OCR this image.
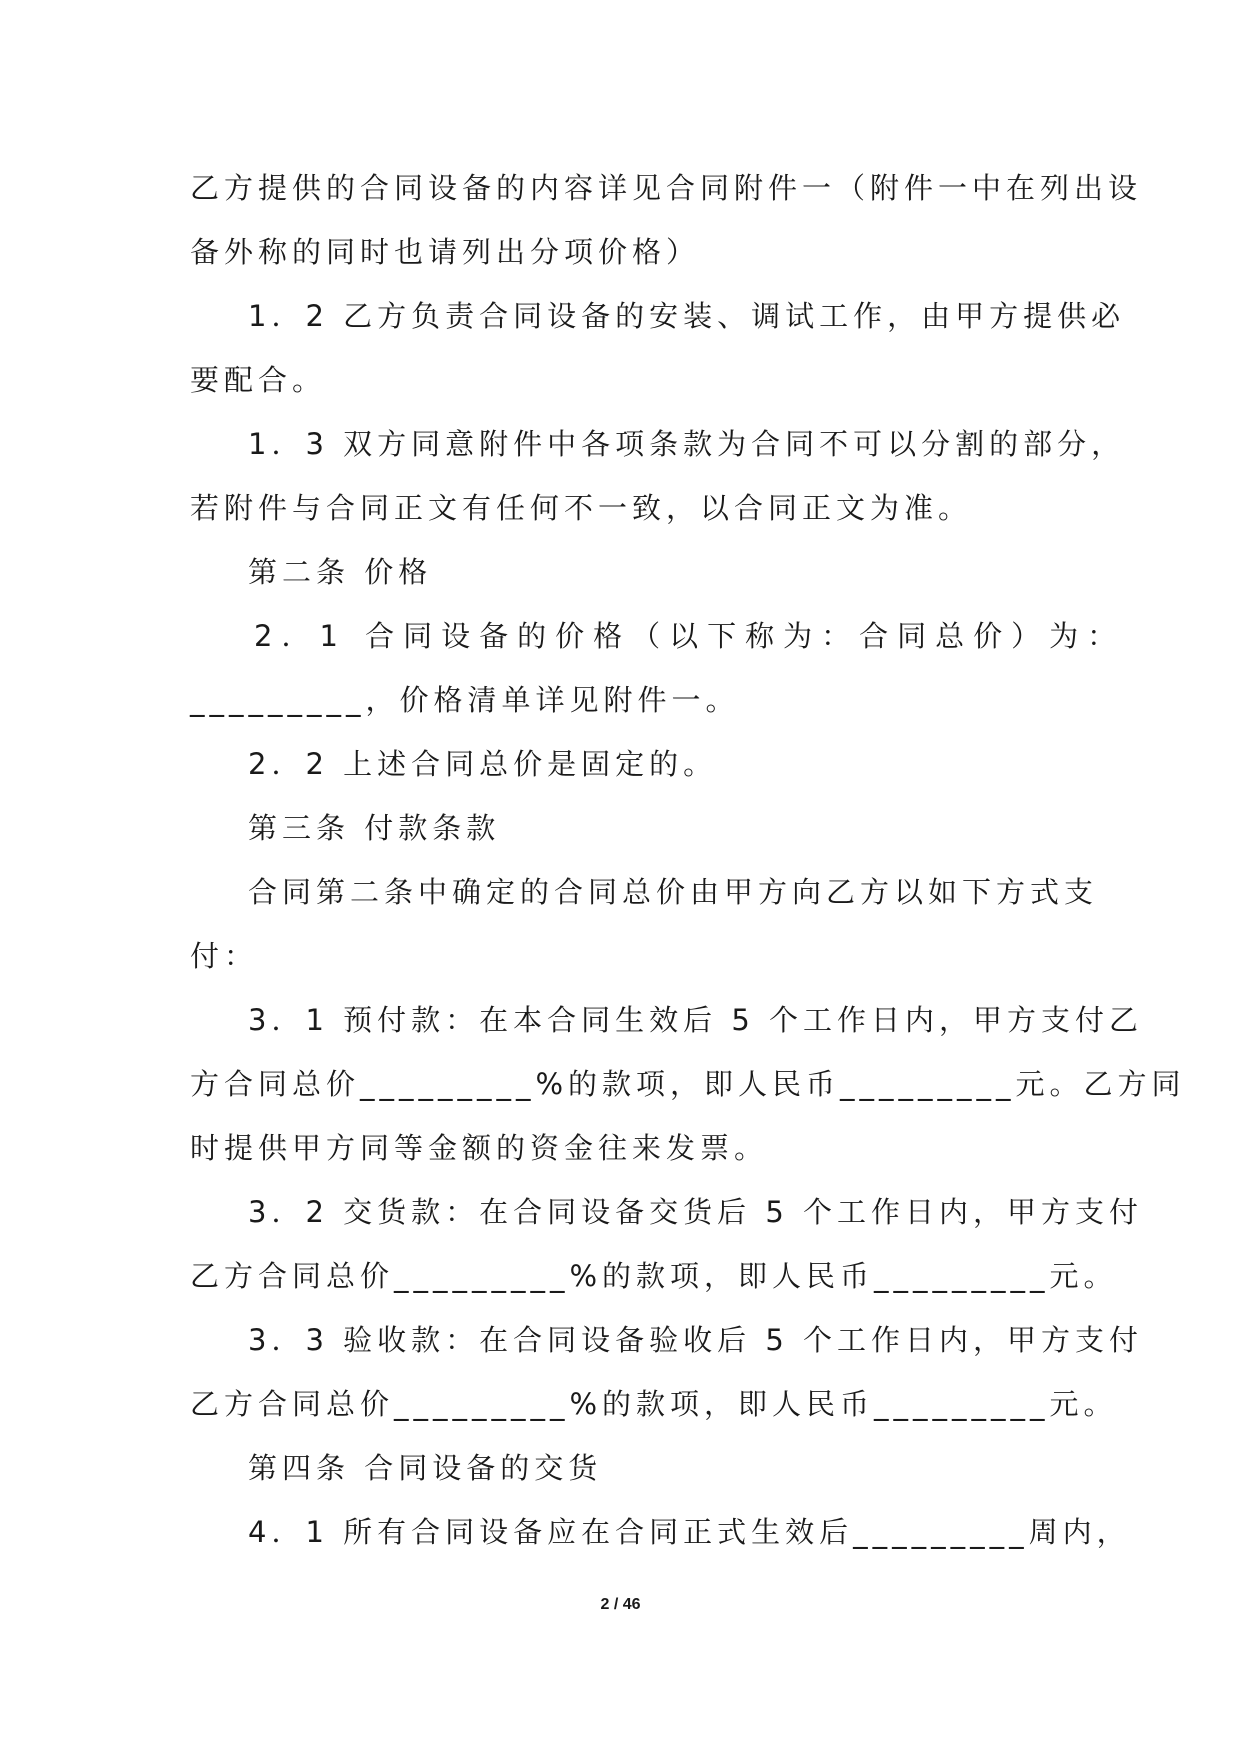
乙方提供的合同设备的内容详见合同附件一（附件一中在列出设
备外称的同时也请列出分项价格）
1．2 乙方负责合同设备的安装、调试工作，由甲方提供必
要配合。
1．3 双方同意附件中各项条款为合同不可以分割的部分，
若附件与合同正文有任何不一致，以合同正文为准。
第二条 价格
2．1 合同设备的价格（以下称为：合同总价）为：
_________，价格清单详见附件一。
2．2 上述合同总价是固定的。
第三条 付款条款
合同第二条中确定的合同总价由甲方向乙方以如下方式支
付：
3．1 预付款：在本合同生效后 5 个工作日内，甲方支付乙
方合同总价_________%的款项，即人民币_________元。乙方同
时提供甲方同等金额的资金往来发票。
3．2 交货款：在合同设备交货后 5 个工作日内，甲方支付
乙方合同总价_________%的款项，即人民币_________元。
3．3 验收款：在合同设备验收后 5 个工作日内，甲方支付
乙方合同总价_________%的款项，即人民币_________元。
第四条 合同设备的交货
4．1 所有合同设备应在合同正式生效后_________周内，
2 / 46
